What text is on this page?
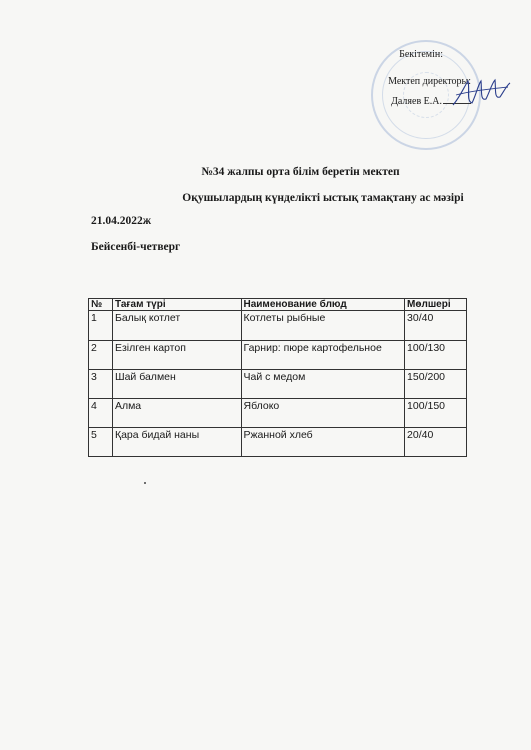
Бекітемін:
Мектеп директоры:
Даляев Е.А.
№34 жалпы орта білім беретін мектеп
Оқушылардың күнделікті ыстық тамақтану ас мәзірі
21.04.2022ж
Бейсенбі-четверг
№	Тағам түрі	Наименование блюд	Мөлшері
1	Балық котлет	Котлеты рыбные	30/40
2	Езілген картоп	Гарнир: пюре картофельное	100/130
3	Шай балмен	Чай с медом	150/200
4	Алма	Яблоко	100/150
5	Қара бидай наны	Ржанной хлеб	20/40
